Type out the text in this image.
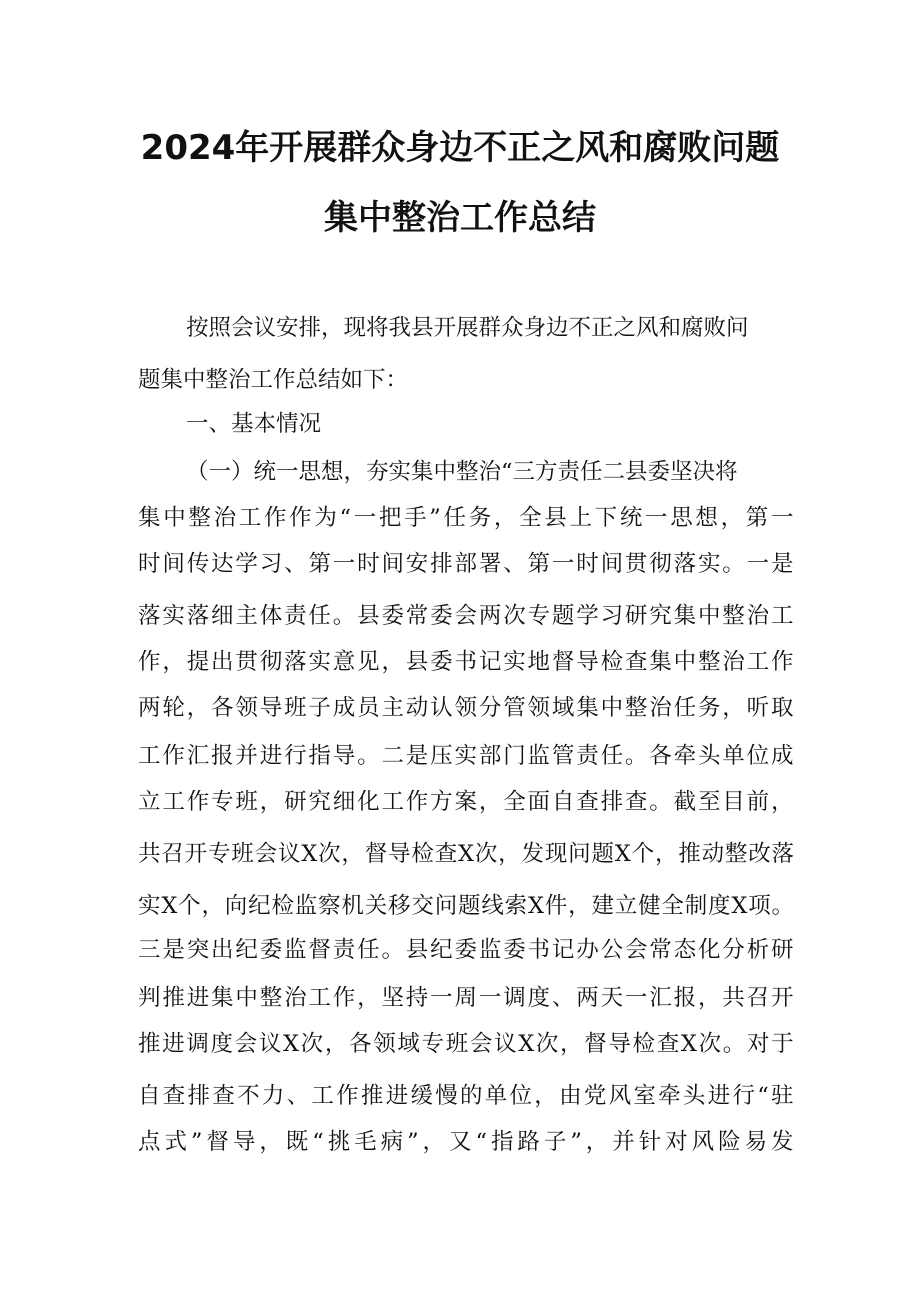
2024年开展群众身边不正之风和腐败问题
集中整治工作总结
按照会议安排，现将我县开展群众身边不正之风和腐败问
题集中整治工作总结如下：
一、基本情况
（一）统一思想，夯实集中整治“三方责任二县委坚决将
集中整治工作作为“一把手”任务，全县上下统一思想，第一
时间传达学习、第一时间安排部署、第一时间贯彻落实。一是
落实落细主体责任。县委常委会两次专题学习研究集中整治工
作，提出贯彻落实意见，县委书记实地督导检查集中整治工作
两轮，各领导班子成员主动认领分管领域集中整治任务，听取
工作汇报并进行指导。二是压实部门监管责任。各牵头单位成
立工作专班，研究细化工作方案，全面自查排查。截至目前，
共召开专班会议X次，督导检查X次，发现问题X个，推动整改落
实X个，向纪检监察机关移交问题线索X件，建立健全制度X项。
三是突出纪委监督责任。县纪委监委书记办公会常态化分析研
判推进集中整治工作，坚持一周一调度、两天一汇报，共召开
推进调度会议X次，各领域专班会议X次，督导检查X次。对于
自查排查不力、工作推进缓慢的单位，由党风室牵头进行“驻
点式”督导，既“挑毛病”，又“指路子”，并针对风险易发
